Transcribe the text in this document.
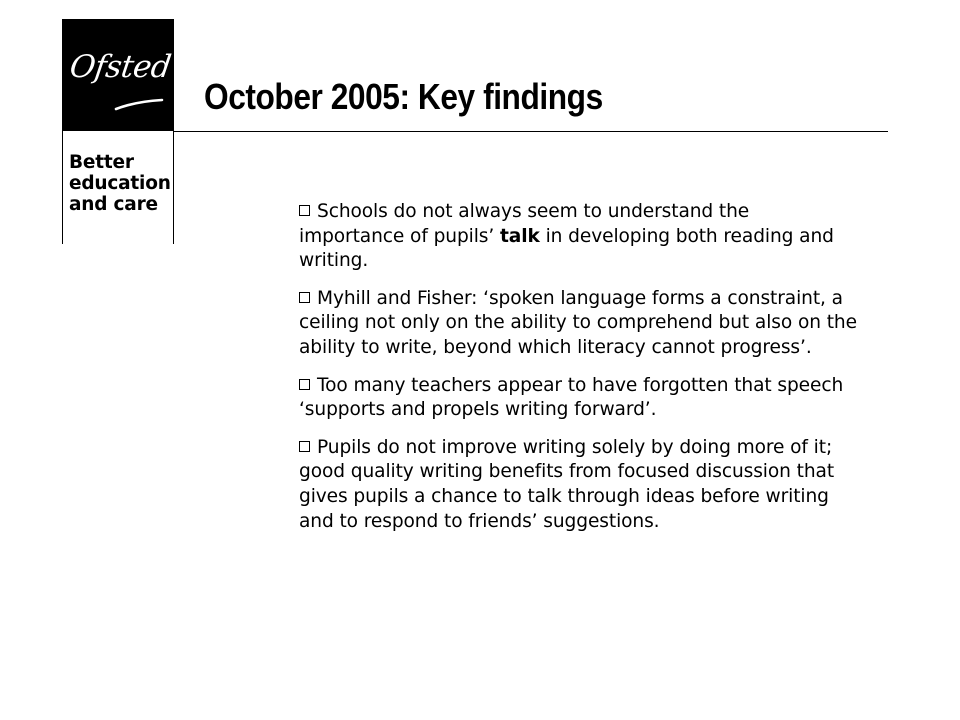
Ofsted
Better
education
and care
October 2005: Key findings
Schools do not always seem to understand the importance of pupils’ talk in developing both reading and writing.
Myhill and Fisher: ‘spoken language forms a constraint, a ceiling not only on the ability to comprehend but also on the ability to write, beyond which literacy cannot progress’.
Too many teachers appear to have forgotten that speech ‘supports and propels writing forward’.
Pupils do not improve writing solely by doing more of it; good quality writing benefits from focused discussion that gives pupils a chance to talk through ideas before writing and to respond to friends’ suggestions.
